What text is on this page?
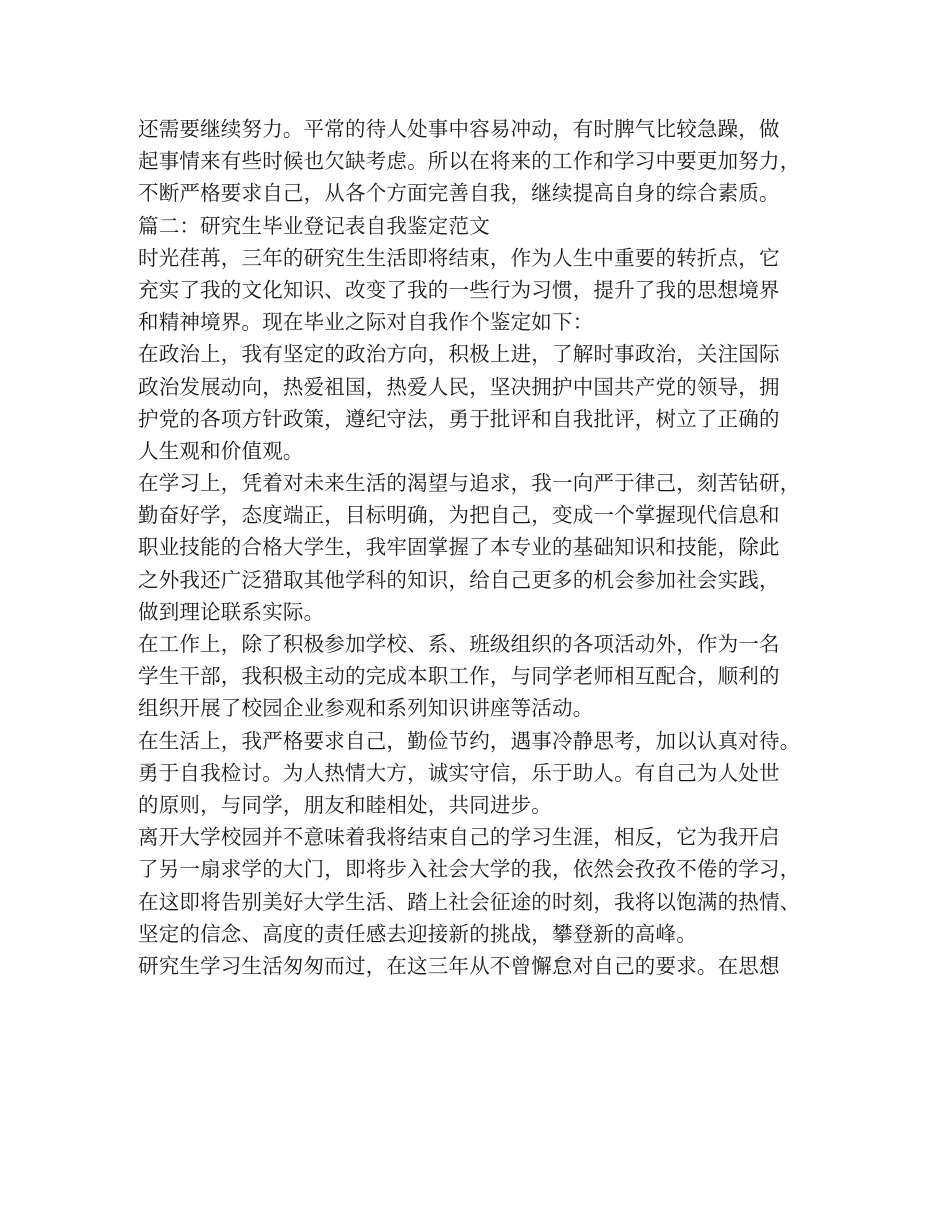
还需要继续努力。平常的待人处事中容易冲动，有时脾气比较急躁，做
起事情来有些时候也欠缺考虑。所以在将来的工作和学习中要更加努力，
不断严格要求自己，从各个方面完善自我，继续提高自身的综合素质。
篇二：研究生毕业登记表自我鉴定范文
时光荏苒，三年的研究生生活即将结束，作为人生中重要的转折点，它
充实了我的文化知识、改变了我的一些行为习惯，提升了我的思想境界
和精神境界。现在毕业之际对自我作个鉴定如下：
在政治上，我有坚定的政治方向，积极上进，了解时事政治，关注国际
政治发展动向，热爱祖国，热爱人民，坚决拥护中国共产党的领导，拥
护党的各项方针政策，遵纪守法，勇于批评和自我批评，树立了正确的
人生观和价值观。
在学习上，凭着对未来生活的渴望与追求，我一向严于律己，刻苦钻研，
勤奋好学，态度端正，目标明确，为把自己，变成一个掌握现代信息和
职业技能的合格大学生，我牢固掌握了本专业的基础知识和技能，除此
之外我还广泛猎取其他学科的知识，给自己更多的机会参加社会实践，
做到理论联系实际。
在工作上，除了积极参加学校、系、班级组织的各项活动外，作为一名
学生干部，我积极主动的完成本职工作，与同学老师相互配合，顺利的
组织开展了校园企业参观和系列知识讲座等活动。
在生活上，我严格要求自己，勤俭节约，遇事冷静思考，加以认真对待。
勇于自我检讨。为人热情大方，诚实守信，乐于助人。有自己为人处世
的原则，与同学，朋友和睦相处，共同进步。
离开大学校园并不意味着我将结束自己的学习生涯，相反，它为我开启
了另一扇求学的大门，即将步入社会大学的我，依然会孜孜不倦的学习，
在这即将告别美好大学生活、踏上社会征途的时刻，我将以饱满的热情、
坚定的信念、高度的责任感去迎接新的挑战，攀登新的高峰。
研究生学习生活匆匆而过，在这三年从不曾懈怠对自己的要求。在思想
